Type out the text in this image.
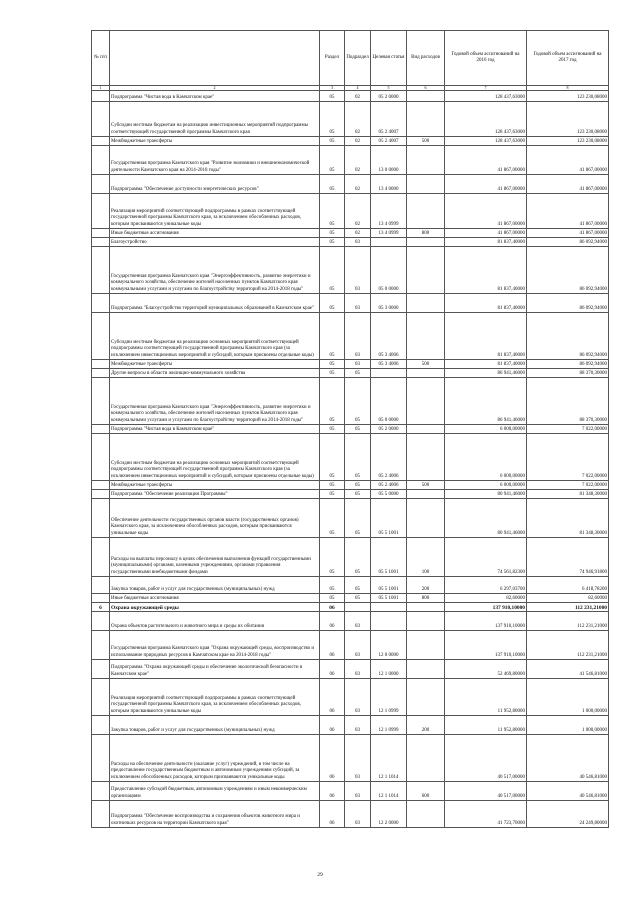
№ п/п		Раздел	Подраздел	Целевая статья	Вид расходов	Годовой объем ассигнований на 2016 год	Годовой объем ассигнований на 2017 год
1	2	3	4	5	6	7	8
	Подпрограмма "Чистая вода в Камчатском крае"	05	02	05 2 0000		128 437,63000	123 230,08000
	Субсидии местным бюджетам на реализацию инвестиционных мероприятий подпрограммы соответствующей государственной программы Камчатского края	05	02	05 2 4007		128 437,63000	123 230,08000
	Межбюджетные трансферты	05	02	05 2 4007	500	128 437,63000	123 230,08000
	Государственная программа Камчатского края "Развитие экономики и внешнеэкономической деятельности Камчатского края на 2014-2018 годы"	05	02	13 0 0000		41 867,00000	41 867,00000
	Подпрограмма "Обеспечение доступности энергетических ресурсов"	05	02	13 4 0000		41 867,00000	41 867,00000
	Реализация мероприятий соответствующей подпрограммы в рамках соответствующей государственной программы Камчатского края, за исключением обособленных расходов, которым присваиваются уникальные коды	05	02	13 4 0999		41 867,00000	41 867,00000
	Иные бюджетные ассигнования	05	02	13 4 0999	800	41 867,00000	41 867,00000
	Благоустройство	05	03			81 837,40000	86 092,94000
	Государственная программа Камчатского края "Энергоэффективность, развитие энергетики и коммунального хозяйства, обеспечение жителей населенных пунктов Камчатского края коммунальными услугами и услугами по благоустройству территорий на 2014-2018 годы"	05	03	05 0 0000		81 837,40000	86 092,94000
	Подпрограмма "Благоустройство территорий муниципальных образований в Камчатском крае"	05	03	05 3 0000		81 837,40000	86 092,94000
	Субсидии местным бюджетам на реализацию основных мероприятий соответствующей подпрограммы соответствующей государственной программы Камчатского края (за исключением инвестиционных мероприятий и субсидий, которым присвоены отдельные коды)	05	03	05 3 4006		81 837,40000	86 092,94000
	Межбюджетные трансферты	05	03	05 3 4006	500	81 837,40000	86 092,94000
	Другие вопросы в области жилищно-коммунального хозяйства	05	05			86 941,46000	88 370,30000
	Государственная программа Камчатского края "Энергоэффективность, развитие энергетики и коммунального хозяйства, обеспечение жителей населенных пунктов Камчатского края коммунальными услугами и услугами по благоустройству территорий на 2014-2018 годы"	05	05	05 0 0000		86 941,46000	88 370,30000
	Подпрограмма "Чистая вода в Камчатском крае"	05	05	05 2 0000		6 000,00000	7 022,00000
	Субсидии местным бюджетам на реализацию основных мероприятий соответствующей подпрограммы соответствующей государственной программы Камчатского края (за исключением инвестиционных мероприятий и субсидий, которым присвоены отдельные коды)	05	05	05 2 4006		6 000,00000	7 022,00000
	Межбюджетные трансферты	05	05	05 2 4006	500	6 000,00000	7 022,00000
	Подпрограмма "Обеспечение реализации Программы"	05	05	05 5 0000		80 941,46000	81 348,30000
	Обеспечение деятельности государственных органов власти (государственных органов) Камчатского края, за исключением обособленных расходов, которым присваиваются уникальные коды	05	05	05 5 1001		80 941,46000	81 348,30000
	Расходы на выплаты персоналу в целях обеспечения выполнения функций государственными (муниципальными) органами, казенными учреждениями, органами управления государственными внебюджетными фондами	05	05	05 5 1001	100	74 561,82300	74 946,91800
	Закупка товаров, работ и услуг для государственных (муниципальных) нужд	05	05	05 5 1001	200	6 297,03700	6 418,78200
	Иные бюджетные ассигнования	05	05	05 5 1001	800	82,60000	82,60000
6	Охрана окружающей среды	06				137 910,10000	112 231,21000
	Охрана объектов растительного и животного мира и среды их обитания	06	03			137 910,10000	112 231,21000
	Государственная программа Камчатского края "Охрана окружающей среды, воспроизводство и использование природных ресурсов в Камчатском крае на 2014-2018 годы"	06	03	12 0 0000		137 910,10000	112 231,21000
	Подпрограмма "Охрана окружающей среды и обеспечение экологической безопасности в Камчатском крае"	06	03	12 1 0000		52 469,80000	41 546,81000
	Реализация мероприятий соответствующей подпрограммы в рамках соответствующей государственной программы Камчатского края, за исключением обособленных расходов, которым присваиваются уникальные коды	06	03	12 1 0999		11 952,80000	1 000,00000
	Закупка товаров, работ и услуг для государственных (муниципальных) нужд	06	03	12 1 0999	200	11 952,80000	1 000,00000
	Расходы на обеспечение деятельности (оказание услуг) учреждений, в том числе на предоставление государственным бюджетным и автономным учреждениям субсидий, за исключением обособленных расходов, которым присваиваются уникальные коды	06	03	12 1 1014		40 517,00000	40 546,81000
	Предоставление субсидий бюджетным, автономным учреждениям и иным некоммерческим организациям	06	03	12 1 1014	600	40 517,00000	40 546,81000
	Подпрограмма "Обеспечение воспроизводства и сохранения объектов животного мира и охотничьих ресурсов на территории Камчатского края"	06	03	12 2 0000		41 723,70000	24 249,80000
29
